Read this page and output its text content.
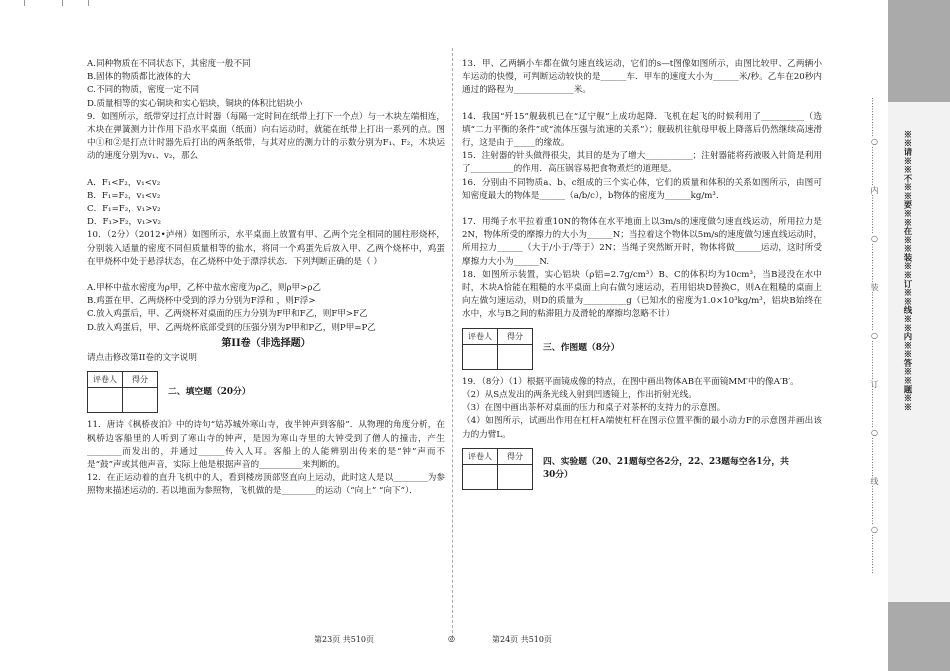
A.同种物质在不同状态下，其密度一般不同

B.固体的物质都比液体的大

C.不同的物质，密度一定不同

D.质量相等的实心铜块和实心铝块，铜块的体积比铝块小

9．如图所示，纸带穿过打点计时器（每隔一定时间在纸带上打下一个点）与一木块左端相连，木块在弹簧测力计作用下沿水平桌面（纸面）向右运动时，就能在纸带上打出一系列的点。图中①和②是打点计时器先后打出的两条纸带，与其对应的测力计的示数分别为F₁、F₂，木块运动的速度分别为v₁、v₂，那么

A．F₁<F₂，v₁<v₂

B．F₁=F₂，v₁<v₂

C．F₁=F₂，v₁>v₂

D．F₁>F₂，v₁>v₂

10．（2分）（2012•泸州）如图所示，水平桌面上放置有甲、乙两个完全相同的圆柱形烧杯，分别装入适量的密度不同但质量相等的盐水，将同一个鸡蛋先后放入甲、乙两个烧杯中，鸡蛋在甲烧杯中处于悬浮状态，在乙烧杯中处于漂浮状态．下列判断正确的是（ ）

A.甲杯中盐水密度为ρ甲，乙杯中盐水密度为ρ乙，则ρ甲>ρ乙

B.鸡蛋在甲、乙两烧杯中受到的浮力分别为F浮和 ，则F浮>

C.放入鸡蛋后，甲、乙两烧杯对桌面的压力分别为F甲和F乙，则F甲>F乙

D.放入鸡蛋后，甲、乙两烧杯底部受到的压强分别为P甲和P乙，则P甲=P乙

第II卷（非选择题）

请点击修改第II卷的文字说明

评卷人	得分

二、填空题（20分）

11．唐诗《枫桥夜泊》中的诗句“姑苏城外寒山寺，夜半钟声到客船”．从物理的角度分析，在枫桥边客船里的人听到了寒山寺的钟声，是因为寒山寺里的大钟受到了僧人的撞击，产生________而发出的，并通过______传入人耳。客船上的人能辨别出传来的是“钟”声而不是“鼓”声或其他声音，实际上他是根据声音的__________来判断的。

12．在正运动着的直升飞机中的人，看到楼房顶部竖直向上运动，此时这人是以________为参照物来描述运动的. 若以地面为参照物，飞机做的是________的运动（“向上” “向下”）．

13．甲、乙两辆小车都在做匀速直线运动，它们的s—t图像如图所示，由图比较甲、乙两辆小车运动的快慢，可判断运动较快的是______车．甲车的速度大小为______米/秒。乙车在20秒内通过的路程为______________米。

14．我国“歼15”舰载机已在“辽宁舰”上成功起降．飞机在起飞的时候利用了__________（选填“二力平衡的条件”或“流体压强与流速的关系”）；舰载机往航母甲板上降落后仍然继续高速滑行，这是由于_____的缘故。

15．注射器的针头做得很尖，其目的是为了增大___________；注射器能将药液吸入针筒是利用了__________的作用．高压锅容易把食物煮烂的道理是。

16．分别由不同物质a、b、c组成的三个实心体，它们的质量和体积的关系如图所示，由图可知密度最大的物体是______（a/b/c），b物体的密度为______kg/m³.

17．用绳子水平拉着重10N的物体在水平地面上以3m/s的速度做匀速直线运动，所用拉力是2N，物体所受的摩擦力的大小为______N；当拉着这个物体以5m/s的速度做匀速直线运动时，所用拉力______（大于/小于/等于）2N；当绳子突然断开时，物体将做______运动，这时所受摩擦力大小为______N.

18．如图所示装置，实心铝块（ρ铝=2.7g/cm³）B、C的体积均为10cm³，当B浸没在水中时，木块A恰能在粗糙的水平桌面上向右做匀速运动，若用铝块D替换C，则A在粗糙的桌面上向左做匀速运动，则D的质量为__________g（已知水的密度为1.0×10³kg/m³，铝块B始终在水中，水与B之间的粘滞阻力及滑轮的摩擦均忽略不计）

评卷人	得分

三、作图题（8分）

19．（8分）（1）根据平面镜成像的特点，在图中画出物体AB在平面镜MM′中的像A′B′。

（2）从S点发出的两条光线入射到凹透镜上，作出折射光线。

（3）在图中画出茶杯对桌面的压力和桌子对茶杯的支持力的示意图。

（4）如图所示，试画出作用在杠杆A端使杠杆在图示位置平衡的最小动力F的示意图并画出该力的力臂L。

评卷人	得分

四、实验题（20、21题每空各2分，22、23题每空各1分，共30分）
第23页 共510页	◎	第24页 共510页
……………○……………内……………○……………装……………○……………订……………○……………线……………○……………	※※请※※不※※要※※在※※装※※订※※线※※内※※答※※题※※
